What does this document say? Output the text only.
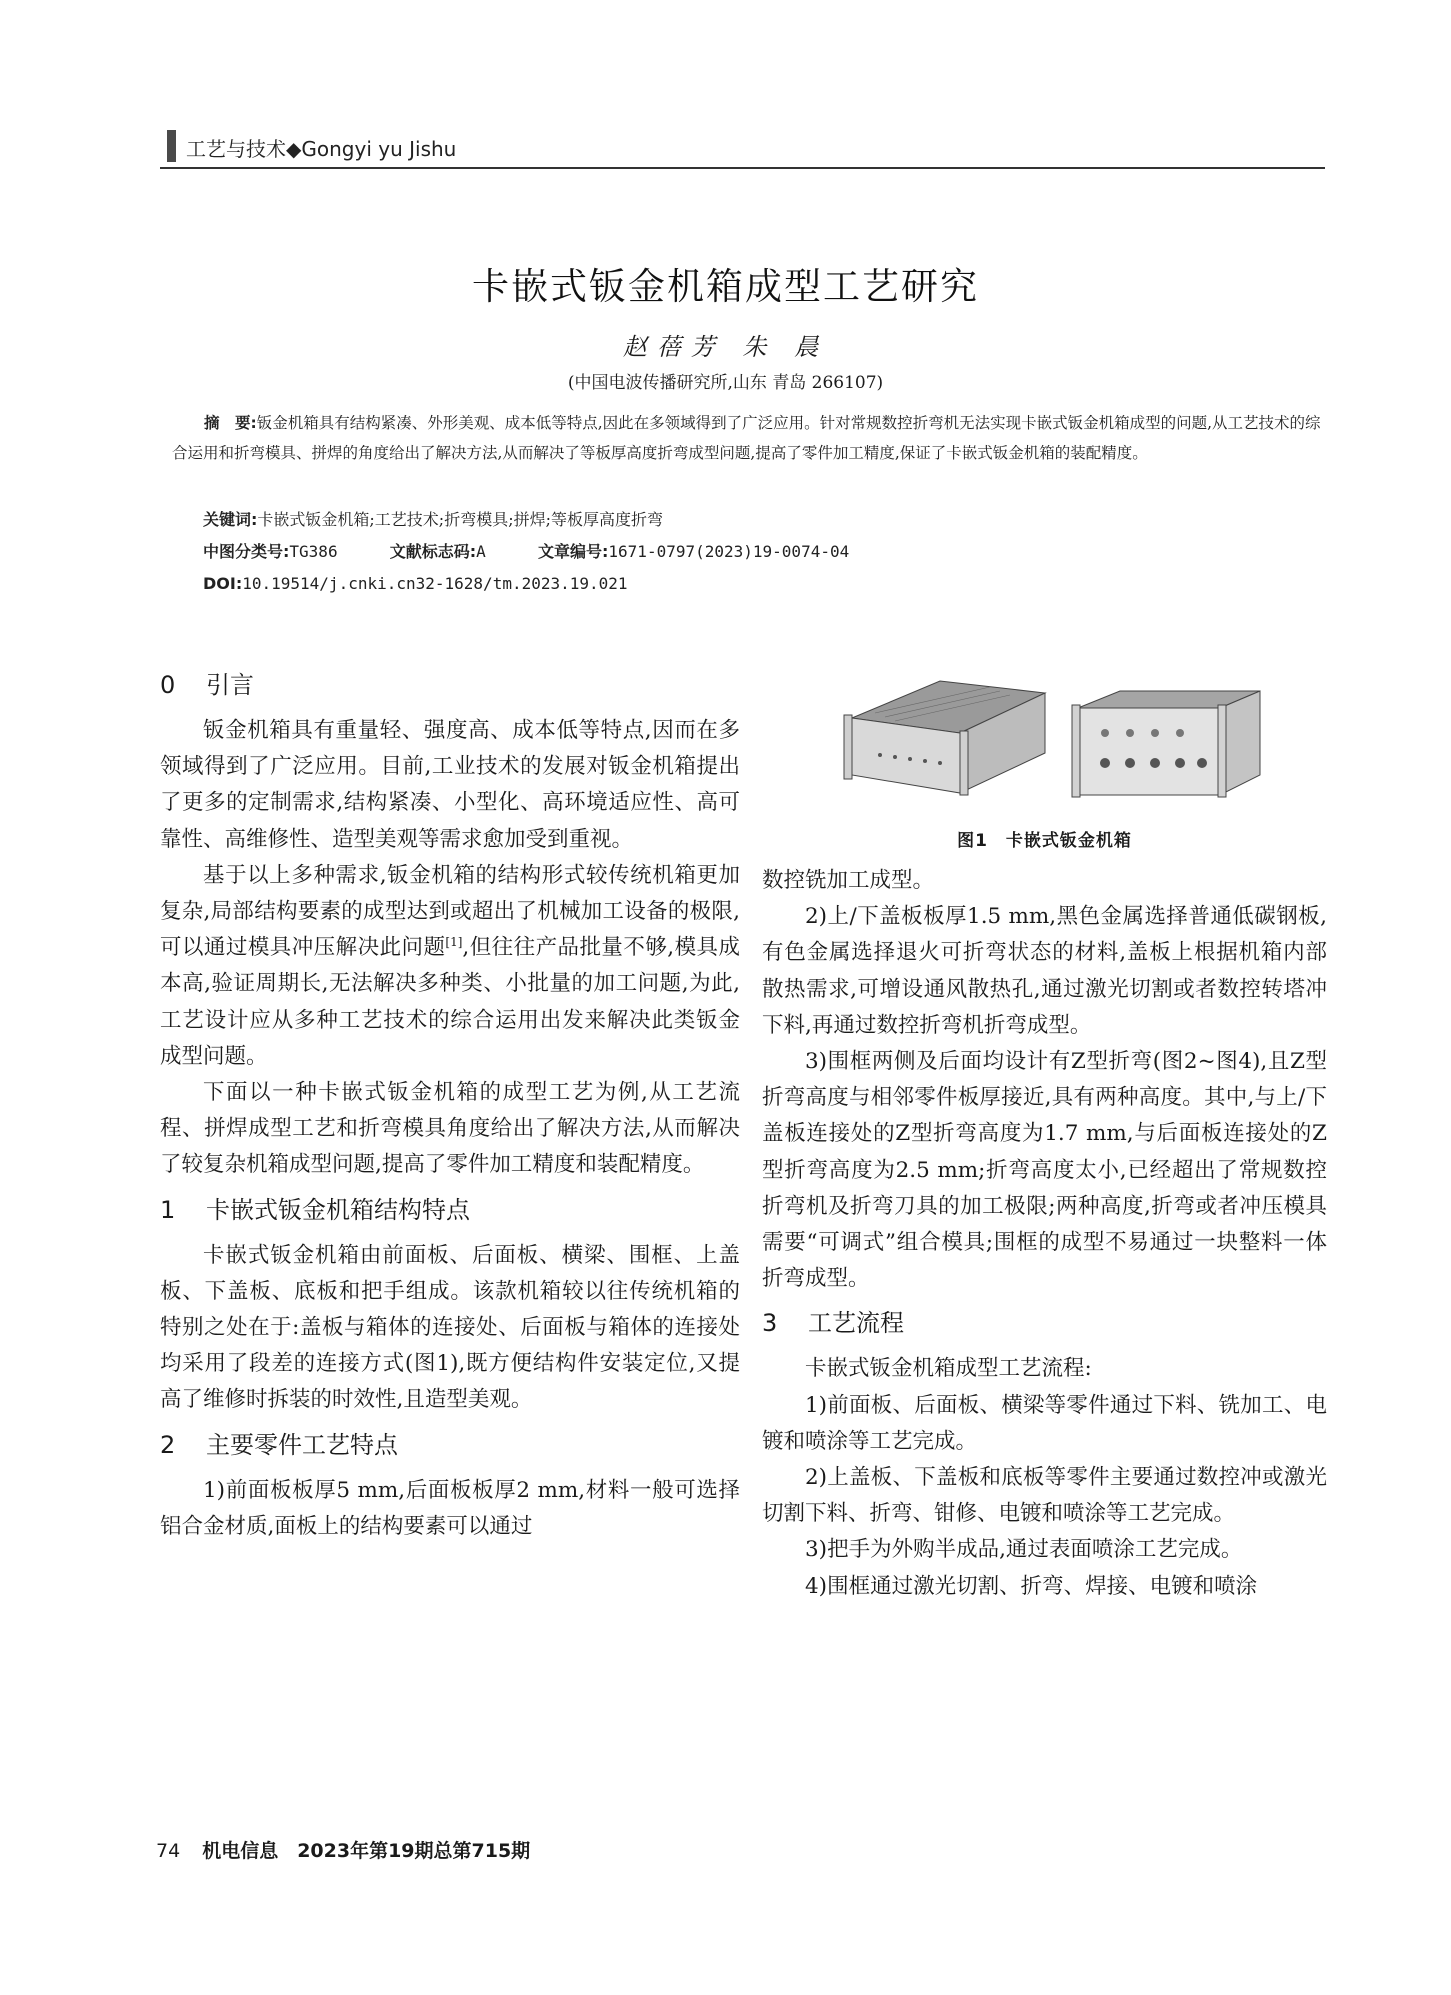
工艺与技术◆Gongyi yu Jishu
卡嵌式钣金机箱成型工艺研究
赵蓓芳 朱 晨
(中国电波传播研究所,山东 青岛 266107)
摘　要:钣金机箱具有结构紧凑、外形美观、成本低等特点,因此在多领域得到了广泛应用。针对常规数控折弯机无法实现卡嵌式钣金机箱成型的问题,从工艺技术的综合运用和折弯模具、拼焊的角度给出了解决方法,从而解决了等板厚高度折弯成型问题,提高了零件加工精度,保证了卡嵌式钣金机箱的装配精度。
关键词:卡嵌式钣金机箱;工艺技术;折弯模具;拼焊;等板厚高度折弯
中图分类号:TG386	文献标志码:A	文章编号:1671-0797(2023)19-0074-04
DOI:10.19514/j.cnki.cn32-1628/tm.2023.19.021
0 引言

钣金机箱具有重量轻、强度高、成本低等特点,因而在多领域得到了广泛应用。目前,工业技术的发展对钣金机箱提出了更多的定制需求,结构紧凑、小型化、高环境适应性、高可靠性、高维修性、造型美观等需求愈加受到重视。

基于以上多种需求,钣金机箱的结构形式较传统机箱更加复杂,局部结构要素的成型达到或超出了机械加工设备的极限,可以通过模具冲压解决此问题[1],但往往产品批量不够,模具成本高,验证周期长,无法解决多种类、小批量的加工问题,为此,工艺设计应从多种工艺技术的综合运用出发来解决此类钣金成型问题。

下面以一种卡嵌式钣金机箱的成型工艺为例,从工艺流程、拼焊成型工艺和折弯模具角度给出了解决方法,从而解决了较复杂机箱成型问题,提高了零件加工精度和装配精度。

1 卡嵌式钣金机箱结构特点

卡嵌式钣金机箱由前面板、后面板、横梁、围框、上盖板、下盖板、底板和把手组成。该款机箱较以往传统机箱的特别之处在于:盖板与箱体的连接处、后面板与箱体的连接处均采用了段差的连接方式(图1),既方便结构件安装定位,又提高了维修时拆装的时效性,且造型美观。

2 主要零件工艺特点

1)前面板板厚5 mm,后面板板厚2 mm,材料一般可选择铝合金材质,面板上的结构要素可以通过

图1　卡嵌式钣金机箱

数控铣加工成型。

2)上/下盖板板厚1.5 mm,黑色金属选择普通低碳钢板,有色金属选择退火可折弯状态的材料,盖板上根据机箱内部散热需求,可增设通风散热孔,通过激光切割或者数控转塔冲下料,再通过数控折弯机折弯成型。

3)围框两侧及后面均设计有Z型折弯(图2~图4),且Z型折弯高度与相邻零件板厚接近,具有两种高度。其中,与上/下盖板连接处的Z型折弯高度为1.7 mm,与后面板连接处的Z型折弯高度为2.5 mm;折弯高度太小,已经超出了常规数控折弯机及折弯刀具的加工极限;两种高度,折弯或者冲压模具需要“可调式”组合模具;围框的成型不易通过一块整料一体折弯成型。

3 工艺流程

卡嵌式钣金机箱成型工艺流程:

1)前面板、后面板、横梁等零件通过下料、铣加工、电镀和喷涂等工艺完成。

2)上盖板、下盖板和底板等零件主要通过数控冲或激光切割下料、折弯、钳修、电镀和喷涂等工艺完成。

3)把手为外购半成品,通过表面喷涂工艺完成。

4)围框通过激光切割、折弯、焊接、电镀和喷涂

74 机电信息　2023年第19期总第715期
